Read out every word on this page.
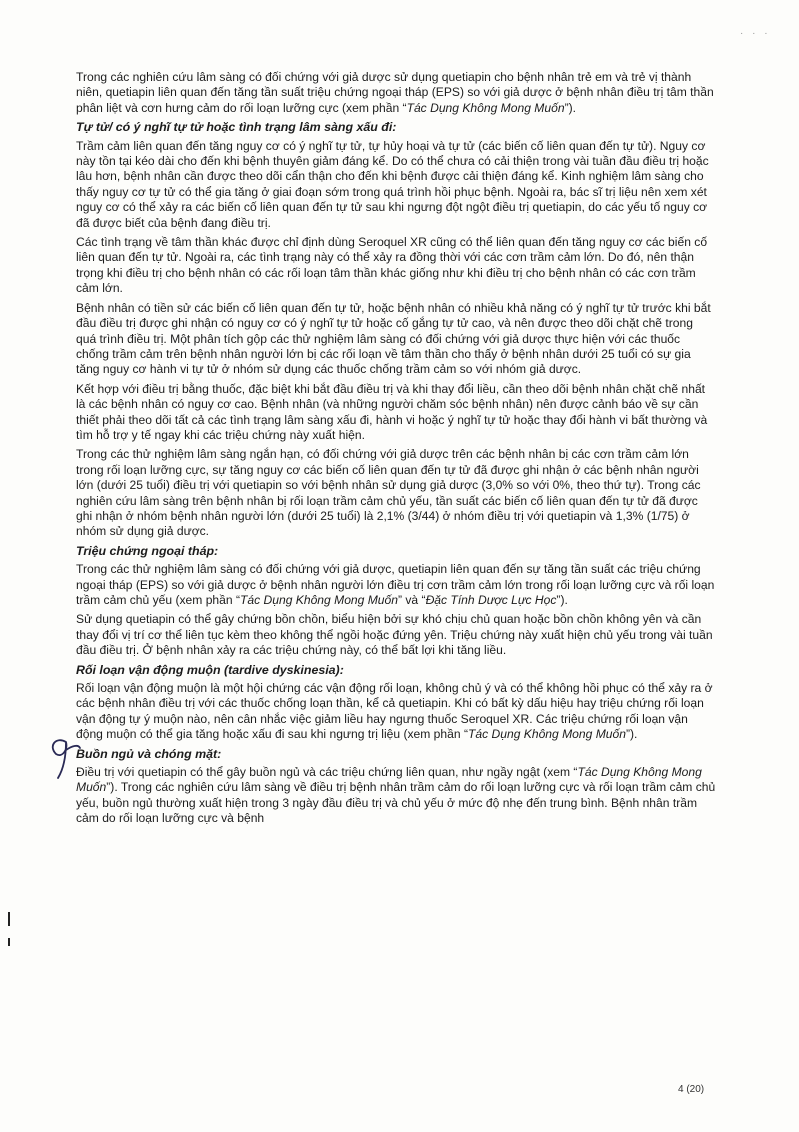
· · ·

Trong các nghiên cứu lâm sàng có đối chứng với giả dược sử dụng quetiapin cho bệnh nhân trẻ em và trẻ vị thành niên, quetiapin liên quan đến tăng tần suất triệu chứng ngoại tháp (EPS) so với giả dược ở bệnh nhân điều trị tâm thần phân liệt và cơn hưng cảm do rối loạn lưỡng cực (xem phần “Tác Dụng Không Mong Muốn”).

Tự tử/ có ý nghĩ tự tử hoặc tình trạng lâm sàng xấu đi:

Trầm cảm liên quan đến tăng nguy cơ có ý nghĩ tự tử, tự hủy hoại và tự tử (các biến cố liên quan đến tự tử). Nguy cơ này tồn tại kéo dài cho đến khi bệnh thuyên giảm đáng kể. Do có thể chưa có cải thiện trong vài tuần đầu điều trị hoặc lâu hơn, bệnh nhân cần được theo dõi cẩn thận cho đến khi bệnh được cải thiện đáng kể. Kinh nghiệm lâm sàng cho thấy nguy cơ tự tử có thể gia tăng ở giai đoạn sớm trong quá trình hồi phục bệnh. Ngoài ra, bác sĩ trị liệu nên xem xét nguy cơ có thể xảy ra các biến cố liên quan đến tự tử sau khi ngưng đột ngột điều trị quetiapin, do các yếu tố nguy cơ đã được biết của bệnh đang điều trị.

Các tình trạng về tâm thần khác được chỉ định dùng Seroquel XR cũng có thể liên quan đến tăng nguy cơ các biến cố liên quan đến tự tử. Ngoài ra, các tình trạng này có thể xảy ra đồng thời với các cơn trầm cảm lớn. Do đó, nên thận trọng khi điều trị cho bệnh nhân có các rối loạn tâm thần khác giống như khi điều trị cho bệnh nhân có các cơn trầm cảm lớn.

Bệnh nhân có tiền sử các biến cố liên quan đến tự tử, hoặc bệnh nhân có nhiều khả năng có ý nghĩ tự tử trước khi bắt đầu điều trị được ghi nhận có nguy cơ có ý nghĩ tự tử hoặc cố gắng tự tử cao, và nên được theo dõi chặt chẽ trong quá trình điều trị. Một phân tích gộp các thử nghiệm lâm sàng có đối chứng với giả dược thực hiện với các thuốc chống trầm cảm trên bệnh nhân người lớn bị các rối loạn về tâm thần cho thấy ở bệnh nhân dưới 25 tuổi có sự gia tăng nguy cơ hành vi tự tử ở nhóm sử dụng các thuốc chống trầm cảm so với nhóm giả dược.

Kết hợp với điều trị bằng thuốc, đặc biệt khi bắt đầu điều trị và khi thay đổi liều, cần theo dõi bệnh nhân chặt chẽ nhất là các bệnh nhân có nguy cơ cao. Bệnh nhân (và những người chăm sóc bệnh nhân) nên được cảnh báo về sự cần thiết phải theo dõi tất cả các tình trạng lâm sàng xấu đi, hành vi hoặc ý nghĩ tự tử hoặc thay đổi hành vi bất thường và tìm hỗ trợ y tế ngay khi các triệu chứng này xuất hiện.

Trong các thử nghiệm lâm sàng ngắn hạn, có đối chứng với giả dược trên các bệnh nhân bị các cơn trầm cảm lớn trong rối loạn lưỡng cực, sự tăng nguy cơ các biến cố liên quan đến tự tử đã được ghi nhận ở các bệnh nhân người lớn (dưới 25 tuổi) điều trị với quetiapin so với bệnh nhân sử dụng giả dược (3,0% so với 0%, theo thứ tự). Trong các nghiên cứu lâm sàng trên bệnh nhân bị rối loạn trầm cảm chủ yếu, tần suất các biến cố liên quan đến tự tử đã được ghi nhận ở nhóm bệnh nhân người lớn (dưới 25 tuổi) là 2,1% (3/44) ở nhóm điều trị với quetiapin và 1,3% (1/75) ở nhóm sử dụng giả dược.

Triệu chứng ngoại tháp:

Trong các thử nghiệm lâm sàng có đối chứng với giả dược, quetiapin liên quan đến sự tăng tần suất các triệu chứng ngoại tháp (EPS) so với giả dược ở bệnh nhân người lớn điều trị cơn trầm cảm lớn trong rối loạn lưỡng cực và rối loạn trầm cảm chủ yếu (xem phần “Tác Dụng Không Mong Muốn” và “Đặc Tính Dược Lực Học”).

Sử dụng quetiapin có thể gây chứng bồn chồn, biểu hiện bởi sự khó chịu chủ quan hoặc bồn chồn không yên và cần thay đổi vị trí cơ thể liên tục kèm theo không thể ngồi hoặc đứng yên. Triệu chứng này xuất hiện chủ yếu trong vài tuần đầu điều trị. Ở bệnh nhân xảy ra các triệu chứng này, có thể bất lợi khi tăng liều.

Rối loạn vận động muộn (tardive dyskinesia):

Rối loạn vận động muộn là một hội chứng các vận động rối loạn, không chủ ý và có thể không hồi phục có thể xảy ra ở các bệnh nhân điều trị với các thuốc chống loạn thần, kể cả quetiapin. Khi có bất kỳ dấu hiệu hay triệu chứng rối loạn vận động tự ý muộn nào, nên cân nhắc việc giảm liều hay ngưng thuốc Seroquel XR. Các triệu chứng rối loạn vận động muộn có thể gia tăng hoặc xấu đi sau khi ngưng trị liệu (xem phần “Tác Dụng Không Mong Muốn”).

Buồn ngủ và chóng mặt:

Điều trị với quetiapin có thể gây buồn ngủ và các triệu chứng liên quan, như ngầy ngật (xem “Tác Dụng Không Mong Muốn”). Trong các nghiên cứu lâm sàng về điều trị bệnh nhân trầm cảm do rối loạn lưỡng cực và rối loạn trầm cảm chủ yếu, buồn ngủ thường xuất hiện trong 3 ngày đầu điều trị và chủ yếu ở mức độ nhẹ đến trung bình. Bệnh nhân trầm cảm do rối loạn lưỡng cực và bệnh

4 (20)
